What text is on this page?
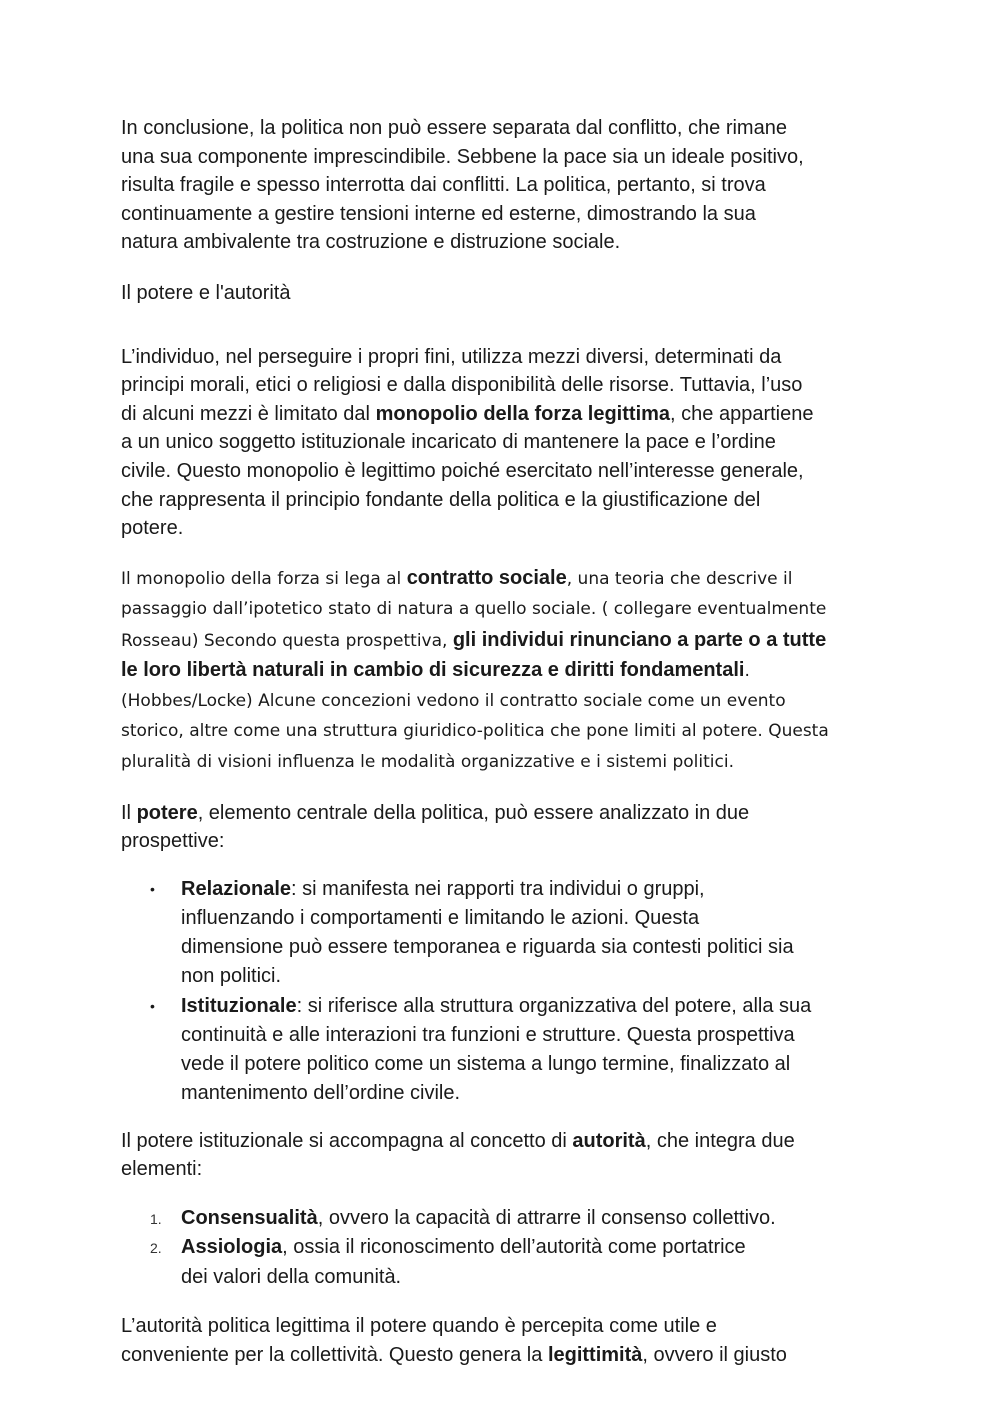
In conclusione, la politica non può essere separata dal conflitto, che rimane

una sua componente imprescindibile. Sebbene la pace sia un ideale positivo,

risulta fragile e spesso interrotta dai conflitti. La politica, pertanto, si trova

continuamente a gestire tensioni interne ed esterne, dimostrando la sua

natura ambivalente tra costruzione e distruzione sociale.

Il potere e l'autorità

L’individuo, nel perseguire i propri fini, utilizza mezzi diversi, determinati da

principi morali, etici o religiosi e dalla disponibilità delle risorse. Tuttavia, l’uso

di alcuni mezzi è limitato dal monopolio della forza legittima, che appartiene

a un unico soggetto istituzionale incaricato di mantenere la pace e l’ordine

civile. Questo monopolio è legittimo poiché esercitato nell’interesse generale,

che rappresenta il principio fondante della politica e la giustificazione del

potere.

Il monopolio della forza si lega al contratto sociale, una teoria che descrive il

passaggio dall’ipotetico stato di natura a quello sociale. ( collegare eventualmente

Rosseau) Secondo questa prospettiva, gli individui rinunciano a parte o a tutte

le loro libertà naturali in cambio di sicurezza e diritti fondamentali.

(Hobbes/Locke) Alcune concezioni vedono il contratto sociale come un evento

storico, altre come una struttura giuridico-politica che pone limiti al potere. Questa

pluralità di visioni influenza le modalità organizzative e i sistemi politici.

Il potere, elemento centrale della politica, può essere analizzato in due

prospettive:

•	Relazionale: si manifesta nei rapporti tra individui o gruppi,
influenzando i comportamenti e limitando le azioni. Questa
dimensione può essere temporanea e riguarda sia contesti politici sia
non politici.
•	Istituzionale: si riferisce alla struttura organizzativa del potere, alla sua
continuità e alle interazioni tra funzioni e strutture. Questa prospettiva
vede il potere politico come un sistema a lungo termine, finalizzato al
mantenimento dell’ordine civile.

Il potere istituzionale si accompagna al concetto di autorità, che integra due

elementi:

1. Consensualità, ovvero la capacità di attrarre il consenso collettivo.
2. Assiologia, ossia il riconoscimento dell’autorità come portatrice
dei valori della comunità.

L’autorità politica legittima il potere quando è percepita come utile e

conveniente per la collettività. Questo genera la legittimità, ovvero il giusto
